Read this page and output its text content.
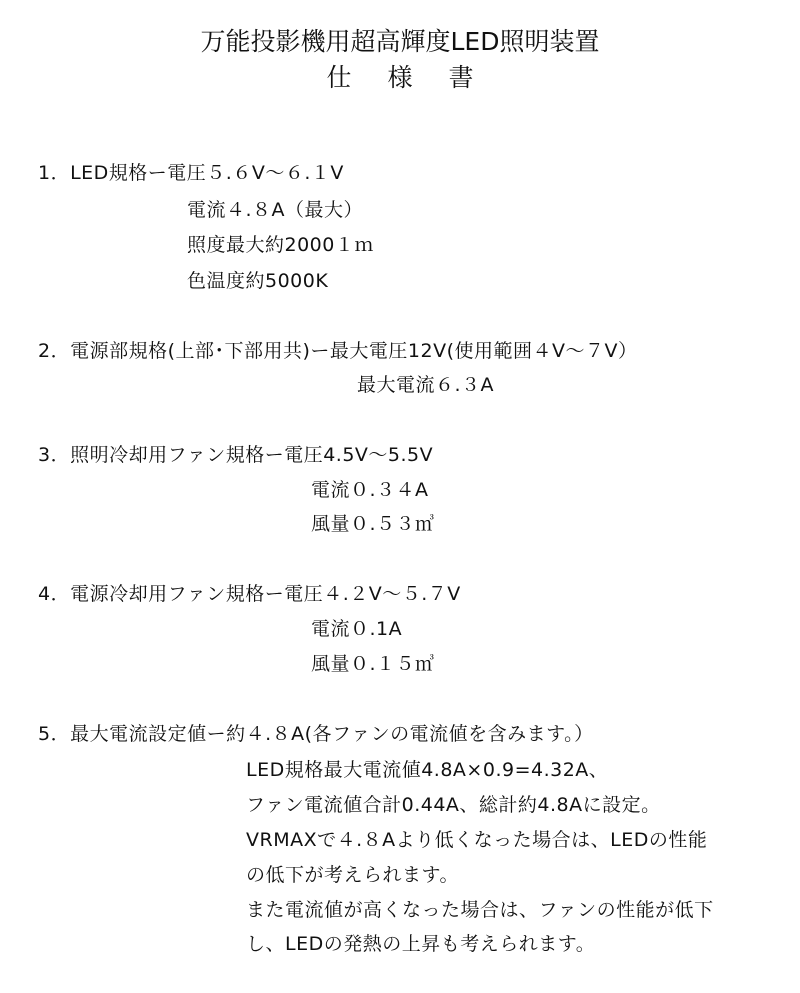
万能投影機用超高輝度LED照明装置
仕 様 書
1．LED規格ー電圧５.６V～６.１V
電流４.８A（最大）
照度最大約2000１ｍ
色温度約5000K
2．電源部規格(上部･下部用共)ー最大電圧12V(使用範囲４V～７V）
最大電流６.３A
3．照明冷却用ファン規格ー電圧4.5V～5.5V
電流０.３４A
風量０.５３㎥
4．電源冷却用ファン規格ー電圧４.２V～５.７V
電流０.1A
風量０.１５㎥
5．最大電流設定値ー約４.８A(各ファンの電流値を含みます。）
LED規格最大電流値4.8A×0.9=4.32A、
ファン電流値合計0.44A、総計約4.8Aに設定。
VRMAXで４.８Aより低くなった場合は、LEDの性能
の低下が考えられます。
また電流値が高くなった場合は、ファンの性能が低下
し、LEDの発熱の上昇も考えられます。
